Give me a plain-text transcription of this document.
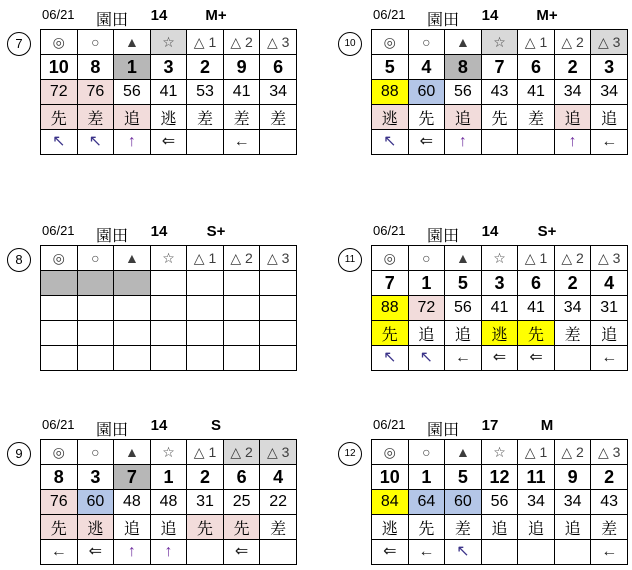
06/21 園田 14	M+
7	◎	○	▲	☆	△ 1	△ 2	△ 3
10	8	1	3	2	9	6
72	76	56	41	53	41	34
先	差	追	逃	差	差	差
↖	↖	↑	⇐		←	
06/21 園田 14	M+
10	◎	○	▲	☆	△ 1	△ 2	△ 3
5	4	8	7	6	2	3
88	60	56	43	41	34	34
逃	先	追	先	差	追	追
↖	⇐	↑			↑	←
06/21 園田 14	S+
8	◎	○	▲	☆	△ 1	△ 2	△ 3

06/21 園田 14	S+
11	◎	○	▲	☆	△ 1	△ 2	△ 3
7	1	5	3	6	2	4
88	72	56	41	41	34	31
先	追	追	逃	先	差	追
↖	↖	←	⇐	⇐		←
06/21 園田 14	S
9	◎	○	▲	☆	△ 1	△ 2	△ 3
8	3	7	1	2	6	4
76	60	48	48	31	25	22
先	逃	追	追	先	先	差
←	⇐	↑	↑		⇐	
06/21 園田 17	M
12	◎	○	▲	☆	△ 1	△ 2	△ 3
10	1	5	12	11	9	2
84	64	60	56	34	34	43
逃	先	差	追	追	追	差
⇐	←	↖				←
